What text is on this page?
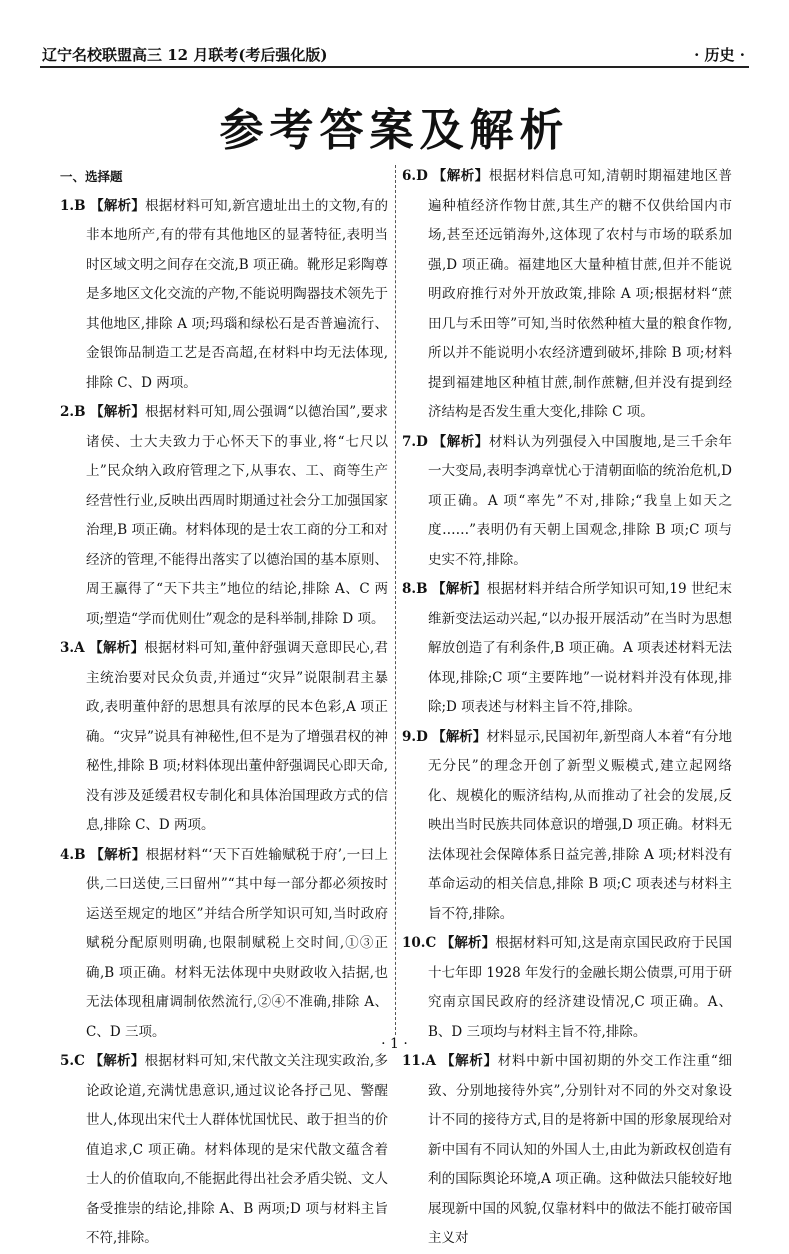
辽宁名校联盟高三 12 月联考(考后强化版)	· 历史 ·
参考答案及解析
一、选择题
1.B 【解析】根据材料可知,新宫遗址出土的文物,有的非本地所产,有的带有其他地区的显著特征,表明当时区域文明之间存在交流,B 项正确。靴形足彩陶尊是多地区文化交流的产物,不能说明陶器技术领先于其他地区,排除 A 项;玛瑙和绿松石是否普遍流行、金银饰品制造工艺是否高超,在材料中均无法体现,排除 C、D 两项。
2.B 【解析】根据材料可知,周公强调“以德治国”,要求诸侯、士大夫致力于心怀天下的事业,将“七尺以上”民众纳入政府管理之下,从事农、工、商等生产经营性行业,反映出西周时期通过社会分工加强国家治理,B 项正确。材料体现的是士农工商的分工和对经济的管理,不能得出落实了以德治国的基本原则、周王赢得了“天下共主”地位的结论,排除 A、C 两项;塑造“学而优则仕”观念的是科举制,排除 D 项。
3.A 【解析】根据材料可知,董仲舒强调天意即民心,君主统治要对民众负责,并通过“灾异”说限制君主暴政,表明董仲舒的思想具有浓厚的民本色彩,A 项正确。“灾异”说具有神秘性,但不是为了增强君权的神秘性,排除 B 项;材料体现出董仲舒强调民心即天命,没有涉及延缓君权专制化和具体治国理政方式的信息,排除 C、D 两项。
4.B 【解析】根据材料“‘天下百姓输赋税于府’,一曰上供,二曰送使,三曰留州”“其中每一部分都必须按时运送至规定的地区”并结合所学知识可知,当时政府赋税分配原则明确,也限制赋税上交时间,①③正确,B 项正确。材料无法体现中央财政收入拮据,也无法体现租庸调制依然流行,②④不准确,排除 A、C、D 三项。
5.C 【解析】根据材料可知,宋代散文关注现实政治,多论政论道,充满忧患意识,通过议论各抒己见、警醒世人,体现出宋代士人群体忧国忧民、敢于担当的价值追求,C 项正确。材料体现的是宋代散文蕴含着士人的价值取向,不能据此得出社会矛盾尖锐、文人备受推崇的结论,排除 A、B 两项;D 项与材料主旨不符,排除。
6.D 【解析】根据材料信息可知,清朝时期福建地区普遍种植经济作物甘蔗,其生产的糖不仅供给国内市场,甚至还远销海外,这体现了农村与市场的联系加强,D 项正确。福建地区大量种植甘蔗,但并不能说明政府推行对外开放政策,排除 A 项;根据材料“蔗田几与禾田等”可知,当时依然种植大量的粮食作物,所以并不能说明小农经济遭到破坏,排除 B 项;材料提到福建地区种植甘蔗,制作蔗糖,但并没有提到经济结构是否发生重大变化,排除 C 项。
7.D 【解析】材料认为列强侵入中国腹地,是三千余年一大变局,表明李鸿章忧心于清朝面临的统治危机,D 项正确。A 项“率先”不对,排除;“我皇上如天之度……”表明仍有天朝上国观念,排除 B 项;C 项与史实不符,排除。
8.B 【解析】根据材料并结合所学知识可知,19 世纪末维新变法运动兴起,“以办报开展活动”在当时为思想解放创造了有利条件,B 项正确。A 项表述材料无法体现,排除;C 项“主要阵地”一说材料并没有体现,排除;D 项表述与材料主旨不符,排除。
9.D 【解析】材料显示,民国初年,新型商人本着“有分地无分民”的理念开创了新型义赈模式,建立起网络化、规模化的赈济结构,从而推动了社会的发展,反映出当时民族共同体意识的增强,D 项正确。材料无法体现社会保障体系日益完善,排除 A 项;材料没有革命运动的相关信息,排除 B 项;C 项表述与材料主旨不符,排除。
10.C 【解析】根据材料可知,这是南京国民政府于民国十七年即 1928 年发行的金融长期公债票,可用于研究南京国民政府的经济建设情况,C 项正确。A、B、D 三项均与材料主旨不符,排除。
11.A 【解析】材料中新中国初期的外交工作注重“细致、分别地接待外宾”,分别针对不同的外交对象设计不同的接待方式,目的是将新中国的形象展现给对新中国有不同认知的外国人士,由此为新政权创造有利的国际舆论环境,A 项正确。这种做法只能较好地展现新中国的风貌,仅靠材料中的做法不能打破帝国主义对
· 1 ·
